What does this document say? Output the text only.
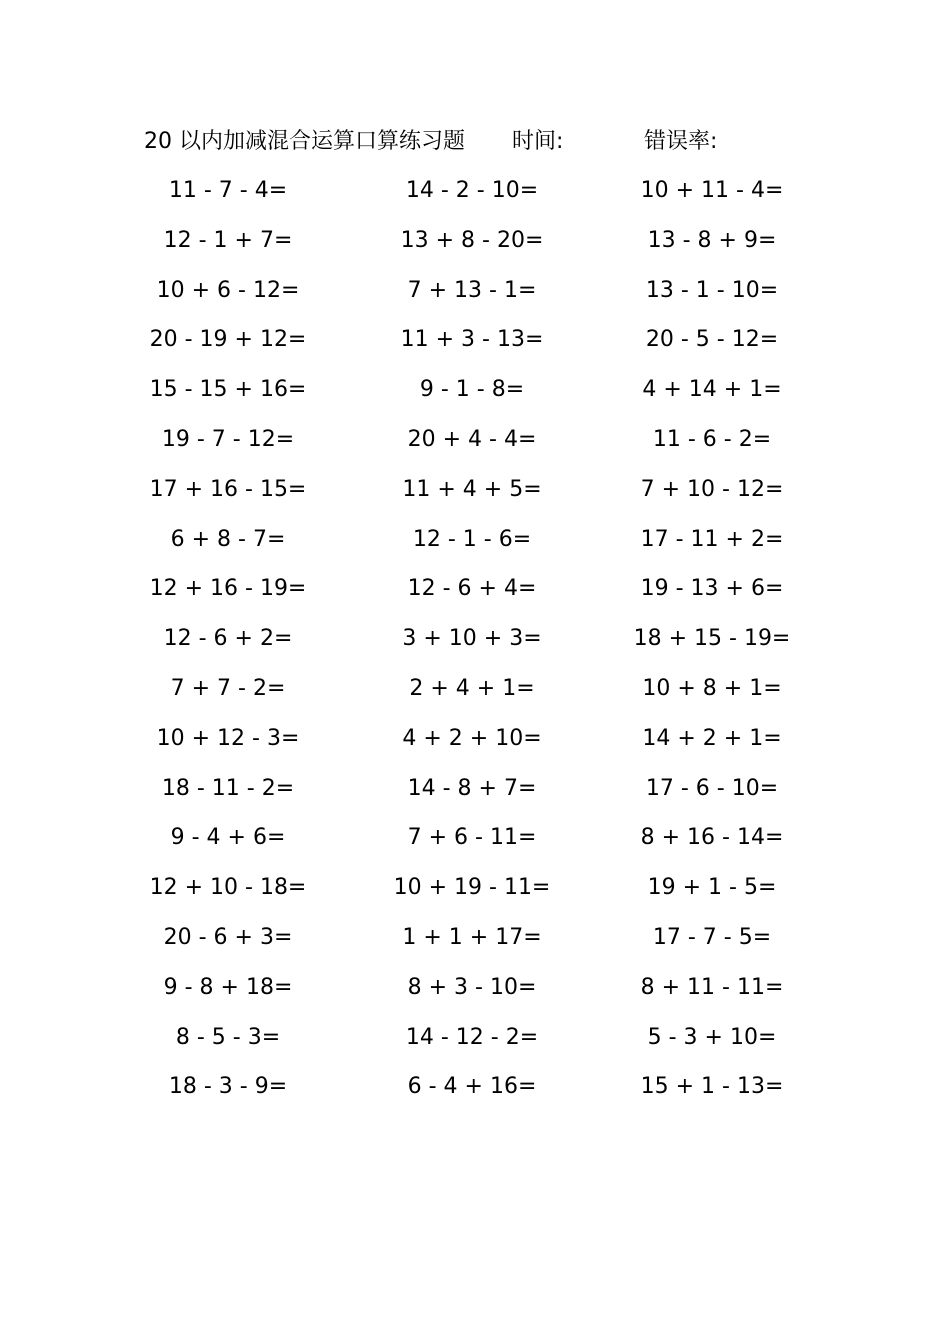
20 以内加减混合运算口算练习题 时间:	错误率:
11 - 7 - 4=	14 - 2 - 10=	10 + 11 - 4=
12 - 1 + 7=	13 + 8 - 20=	13 - 8 + 9=
10 + 6 - 12=	7 + 13 - 1=	13 - 1 - 10=
20 - 19 + 12=	11 + 3 - 13=	20 - 5 - 12=
15 - 15 + 16=	9 - 1 - 8=	4 + 14 + 1=
19 - 7 - 12=	20 + 4 - 4=	11 - 6 - 2=
17 + 16 - 15=	11 + 4 + 5=	7 + 10 - 12=
6 + 8 - 7=	12 - 1 - 6=	17 - 11 + 2=
12 + 16 - 19=	12 - 6 + 4=	19 - 13 + 6=
12 - 6 + 2=	3 + 10 + 3=	18 + 15 - 19=
7 + 7 - 2=	2 + 4 + 1=	10 + 8 + 1=
10 + 12 - 3=	4 + 2 + 10=	14 + 2 + 1=
18 - 11 - 2=	14 - 8 + 7=	17 - 6 - 10=
9 - 4 + 6=	7 + 6 - 11=	8 + 16 - 14=
12 + 10 - 18=	10 + 19 - 11=	19 + 1 - 5=
20 - 6 + 3=	1 + 1 + 17=	17 - 7 - 5=
9 - 8 + 18=	8 + 3 - 10=	8 + 11 - 11=
8 - 5 - 3=	14 - 12 - 2=	5 - 3 + 10=
18 - 3 - 9=	6 - 4 + 16=	15 + 1 - 13=
